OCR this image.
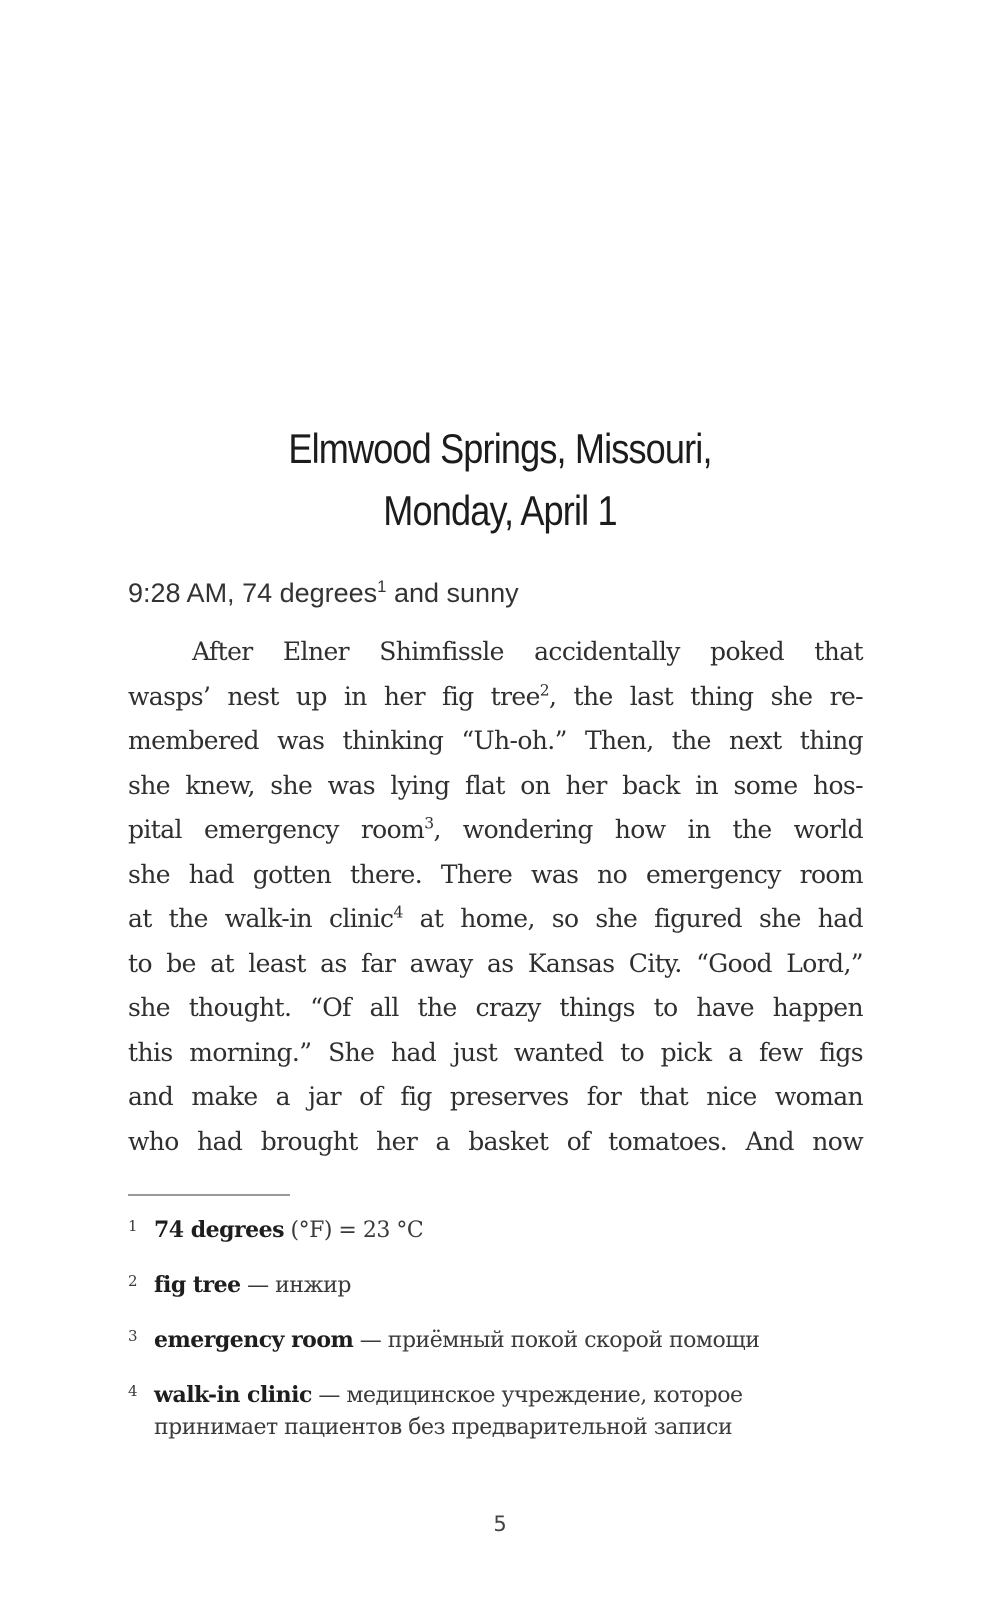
Elmwood Springs, Missouri,
Monday, April 1
9:28 AM, 74 degrees$^1$ and sunny
After Elner Shimfissle accidentally poked that
wasps’ nest up in her fig tree$^2$, the last thing she re-
membered was thinking “Uh-oh.” Then, the next thing
she knew, she was lying flat on her back in some hos-
pital emergency room$^3$, wondering how in the world
she had gotten there. There was no emergency room
at the walk-in clinic$^4$ at home, so she figured she had
to be at least as far away as Kansas City. “Good Lord,”
she thought. “Of all the crazy things to have happen
this morning.” She had just wanted to pick a few figs
and make a jar of fig preserves for that nice woman
who had brought her a basket of tomatoes. And now
1 74 degrees (°F) = 23 °C
2 fig tree — инжир
3 emergency room — приёмный покой скорой помощи
4 walk-in clinic — медицинское учреждение, которое принимает пациентов без предварительной записи
5
